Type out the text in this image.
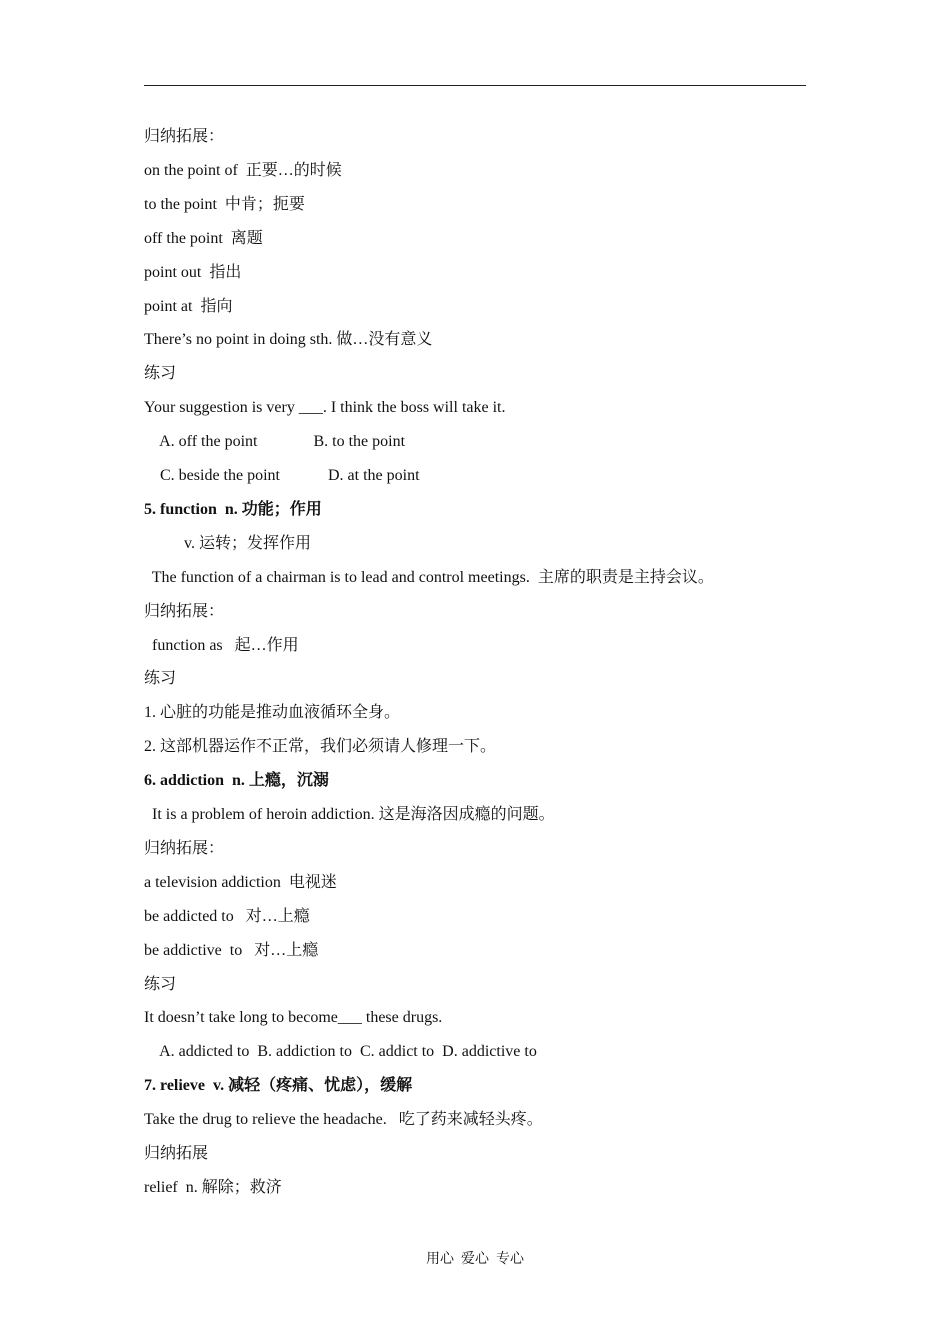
归纳拓展：
on the point of  正要…的时候
to the point  中肯；扼要
off the point  离题
point out  指出
point at  指向
There’s no point in doing sth. 做…没有意义
练习
Your suggestion is very ___. I think the boss will take it.
A. off the point              B. to the point
C. beside the point            D. at the point
5. function  n. 功能；作用
v. 运转；发挥作用
The function of a chairman is to lead and control meetings.  主席的职责是主持会议。
归纳拓展：
function as   起…作用
练习
1. 心脏的功能是推动血液循环全身。
2. 这部机器运作不正常，我们必须请人修理一下。
6. addiction  n. 上瘾，沉溺
It is a problem of heroin addiction. 这是海洛因成瘾的问题。
归纳拓展：
a television addiction  电视迷
be addicted to   对…上瘾
be addictive  to   对…上瘾
练习
It doesn’t take long to become___ these drugs.
A. addicted to  B. addiction to  C. addict to  D. addictive to
7. relieve  v. 减轻（疼痛、忧虑），缓解
Take the drug to relieve the headache.   吃了药来减轻头疼。
归纳拓展
relief  n. 解除；救济
用心  爱心  专心
